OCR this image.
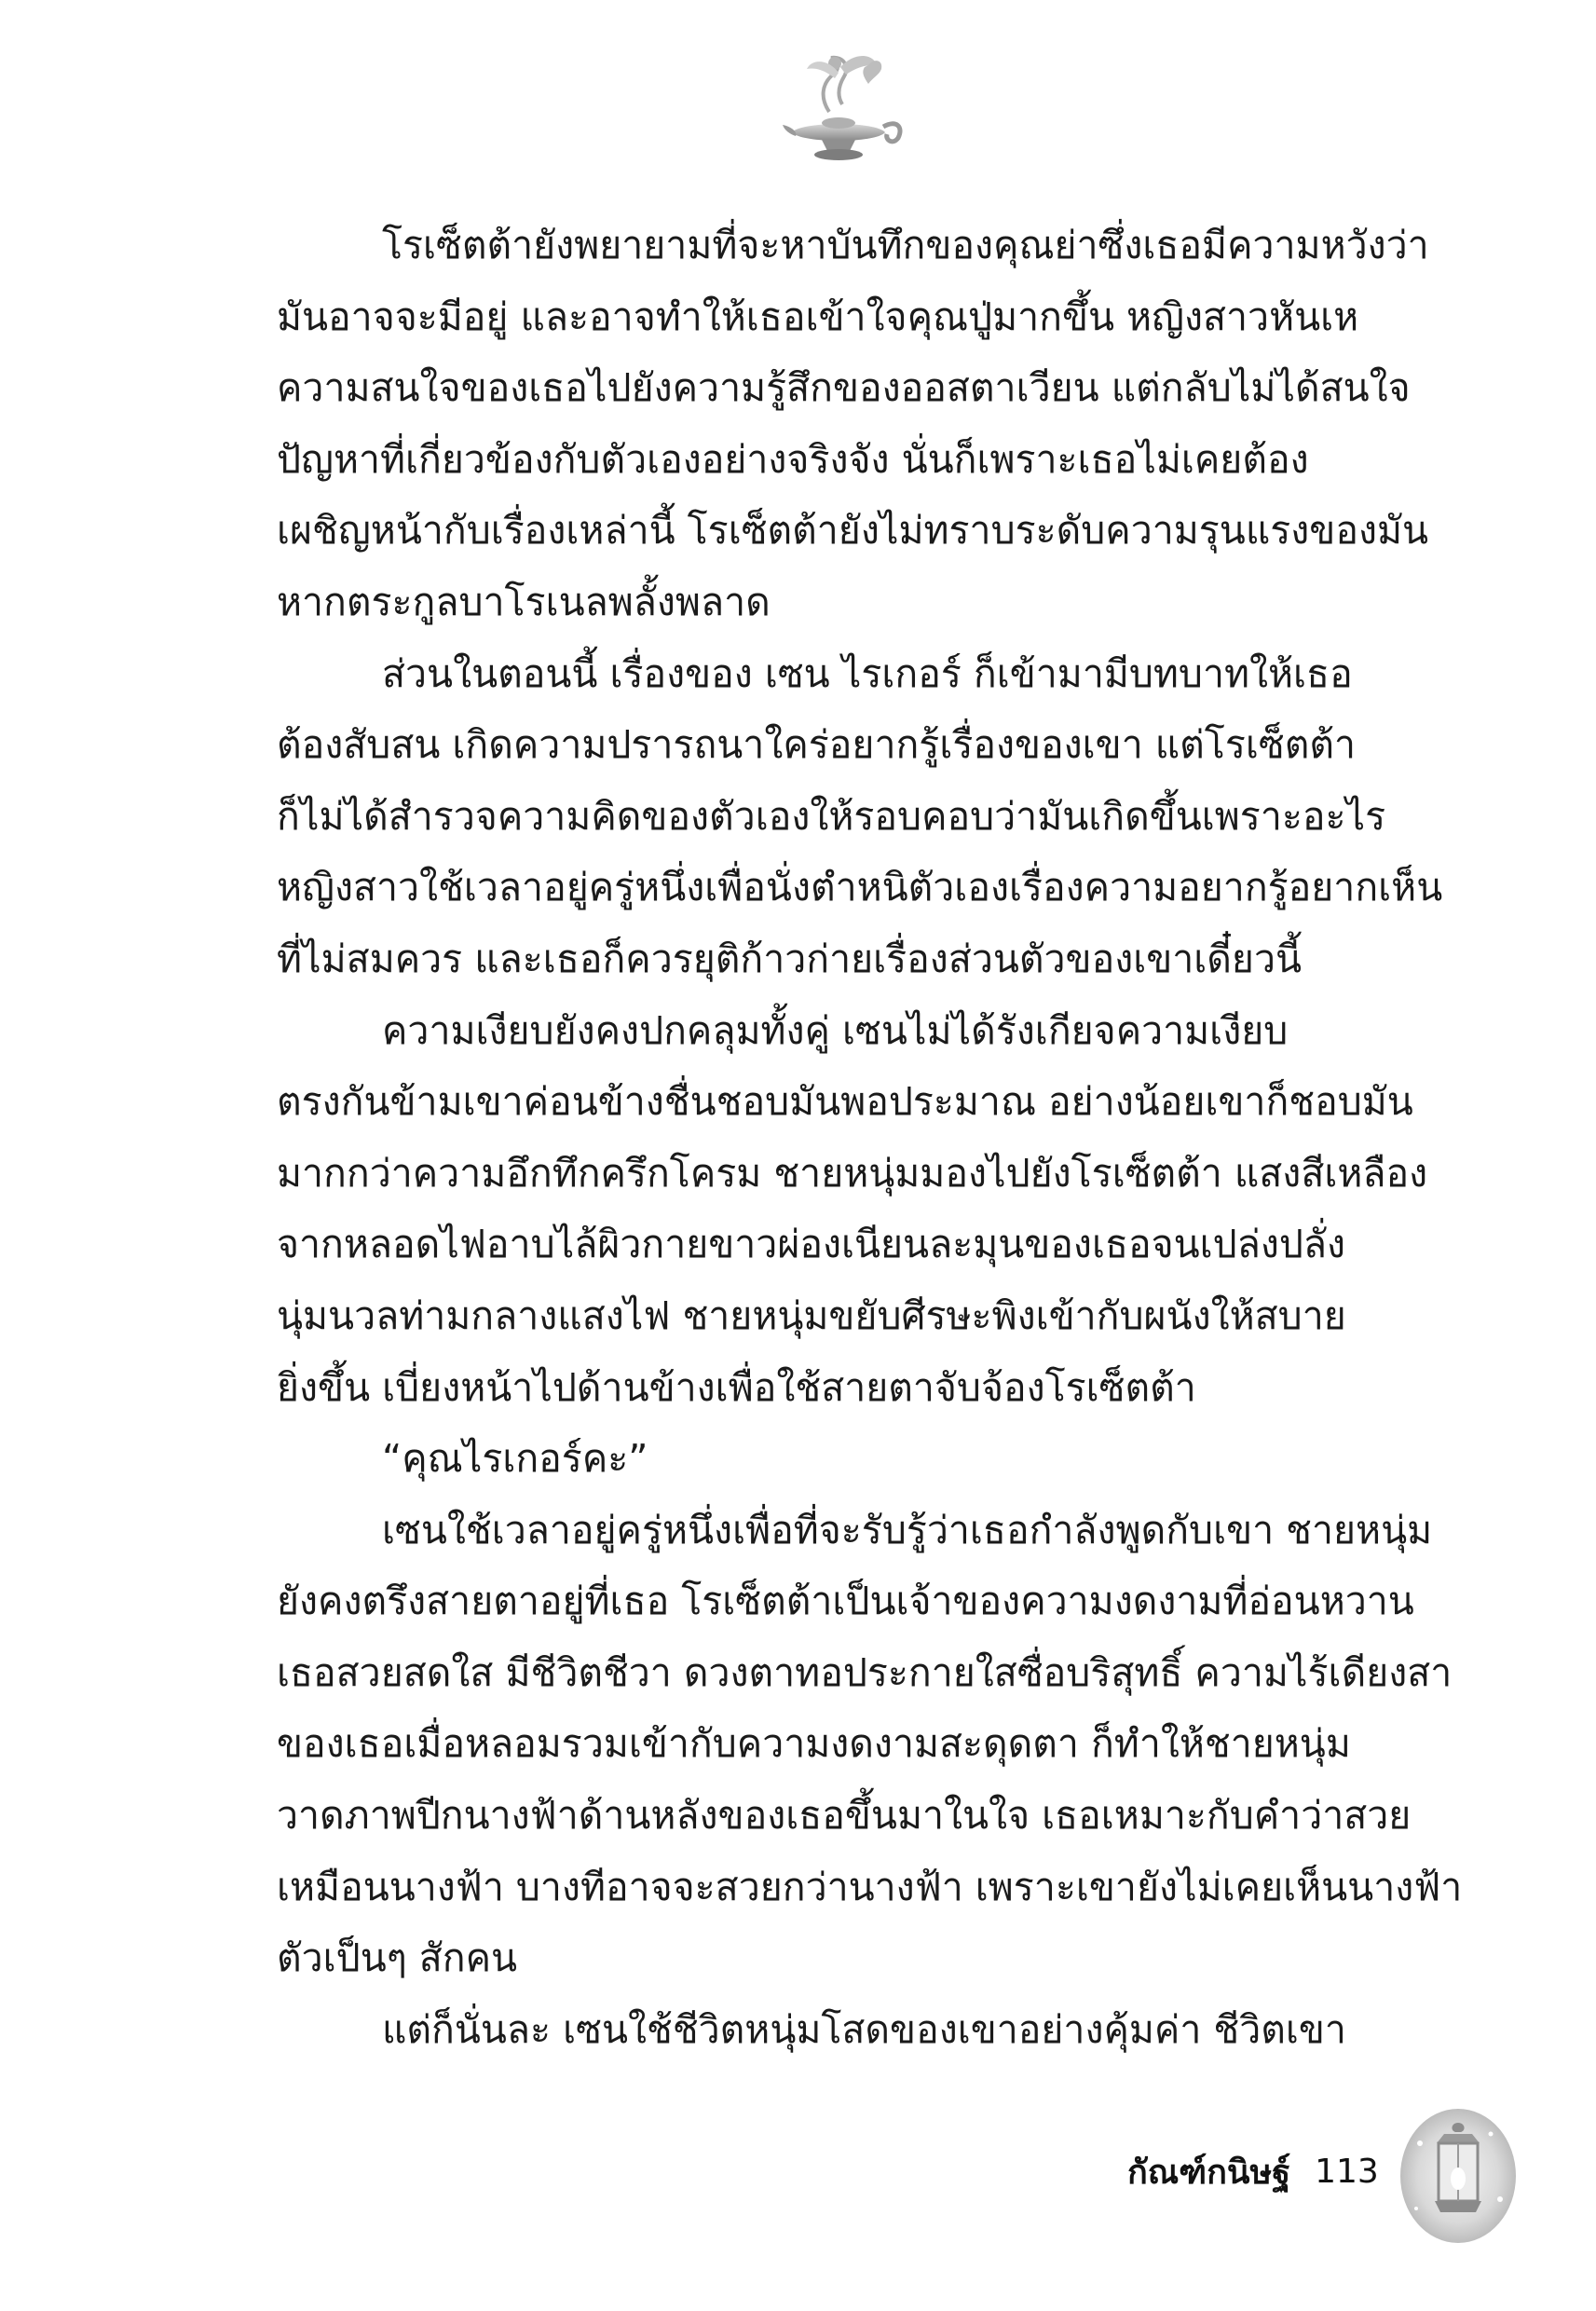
โรเซ็ตต้ายังพยายามที่จะหาบันทึกของคุณย่าซึ่งเธอมีความหวังว่า
มันอาจจะมีอยู่ และอาจทำให้เธอเข้าใจคุณปู่มากขึ้น หญิงสาวหันเห
ความสนใจของเธอไปยังความรู้สึกของออสตาเวียน แต่กลับไม่ได้สนใจ
ปัญหาที่เกี่ยวข้องกับตัวเองอย่างจริงจัง นั่นก็เพราะเธอไม่เคยต้อง
เผชิญหน้ากับเรื่องเหล่านี้ โรเซ็ตต้ายังไม่ทราบระดับความรุนแรงของมัน
หากตระกูลบาโรเนลพลั้งพลาด
ส่วนในตอนนี้ เรื่องของ เซน ไรเกอร์ ก็เข้ามามีบทบาทให้เธอ
ต้องสับสน เกิดความปรารถนาใคร่อยากรู้เรื่องของเขา แต่โรเซ็ตต้า
ก็ไม่ได้สำรวจความคิดของตัวเองให้รอบคอบว่ามันเกิดขึ้นเพราะอะไร
หญิงสาวใช้เวลาอยู่ครู่หนึ่งเพื่อนั่งตำหนิตัวเองเรื่องความอยากรู้อยากเห็น
ที่ไม่สมควร และเธอก็ควรยุติก้าวก่ายเรื่องส่วนตัวของเขาเดี๋ยวนี้
ความเงียบยังคงปกคลุมทั้งคู่ เซนไม่ได้รังเกียจความเงียบ
ตรงกันข้ามเขาค่อนข้างชื่นชอบมันพอประมาณ อย่างน้อยเขาก็ชอบมัน
มากกว่าความอึกทึกครึกโครม ชายหนุ่มมองไปยังโรเซ็ตต้า แสงสีเหลือง
จากหลอดไฟอาบไล้ผิวกายขาวผ่องเนียนละมุนของเธอจนเปล่งปลั่ง
นุ่มนวลท่ามกลางแสงไฟ ชายหนุ่มขยับศีรษะพิงเข้ากับผนังให้สบาย
ยิ่งขึ้น เบี่ยงหน้าไปด้านข้างเพื่อใช้สายตาจับจ้องโรเซ็ตต้า
“คุณไรเกอร์คะ”
เซนใช้เวลาอยู่ครู่หนึ่งเพื่อที่จะรับรู้ว่าเธอกำลังพูดกับเขา ชายหนุ่ม
ยังคงตรึงสายตาอยู่ที่เธอ โรเซ็ตต้าเป็นเจ้าของความงดงามที่อ่อนหวาน
เธอสวยสดใส มีชีวิตชีวา ดวงตาทอประกายใสซื่อบริสุทธิ์ ความไร้เดียงสา
ของเธอเมื่อหลอมรวมเข้ากับความงดงามสะดุดตา ก็ทำให้ชายหนุ่ม
วาดภาพปีกนางฟ้าด้านหลังของเธอขึ้นมาในใจ เธอเหมาะกับคำว่าสวย
เหมือนนางฟ้า บางทีอาจจะสวยกว่านางฟ้า เพราะเขายังไม่เคยเห็นนางฟ้า
ตัวเป็นๆ สักคน
แต่ก็นั่นละ เซนใช้ชีวิตหนุ่มโสดของเขาอย่างคุ้มค่า ชีวิตเขา
กัณฑ์กนิษฐ์ 113
